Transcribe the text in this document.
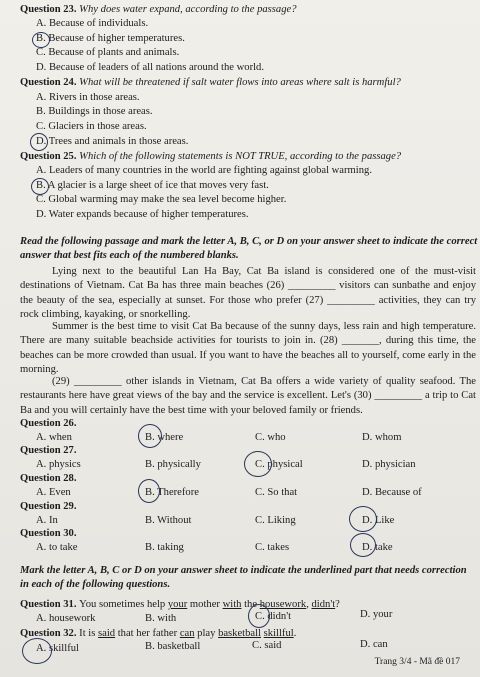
Question 23. Why does water expand, according to the passage?
A. Because of individuals.
B. Because of higher temperatures.
C. Because of plants and animals.
D. Because of leaders of all nations around the world.
Question 24. What will be threatened if salt water flows into areas where salt is harmful?
A. Rivers in those areas.
B. Buildings in those areas.
C. Glaciers in those areas.
D. Trees and animals in those areas.
Question 25. Which of the following statements is NOT TRUE, according to the passage?
A. Leaders of many countries in the world are fighting against global warming.
B. A glacier is a large sheet of ice that moves very fast.
C. Global warming may make the sea level become higher.
D. Water expands because of higher temperatures.
Read the following passage and mark the letter A, B, C, or D on your answer sheet to indicate the correct answer that best fits each of the numbered blanks.
Lying next to the beautiful Lan Ha Bay, Cat Ba island is considered one of the must-visit destinations of Vietnam. Cat Ba has three main beaches (26) _________ visitors can sunbathe and enjoy the beauty of the sea, especially at sunset. For those who prefer (27) _________ activities, they can try rock climbing, kayaking, or snorkelling.
Summer is the best time to visit Cat Ba because of the sunny days, less rain and high temperature. There are many suitable beachside activities for tourists to join in. (28) _______, during this time, the beaches can be more crowded than usual. If you want to have the beaches all to yourself, come early in the morning.
(29) _________ other islands in Vietnam, Cat Ba offers a wide variety of quality seafood. The restaurants here have great views of the bay and the service is excellent. Let's (30) _________ a trip to Cat Ba and you will certainly have the best time with your beloved family or friends.
Question 26.
A. when	B. where	C. who	D. whom
Question 27.
A. physics	B. physically	C. physical	D. physician
Question 28.
A. Even	B. Therefore	C. So that	D. Because of
Question 29.
A. In	B. Without	C. Liking	D. Like
Question 30.
A. to take	B. taking	C. takes	D. take
Mark the letter A, B, C or D on your answer sheet to indicate the underlined part that needs correction in each of the following questions.
Question 31. You sometimes help your mother with the housework, didn't?
A. housework	B. with	C. didn't	D. your
Question 32. It is said that her father can play basketball skillful.
A. skillful	B. basketball	C. said	D. can
Trang 3/4 - Mã đề 017
